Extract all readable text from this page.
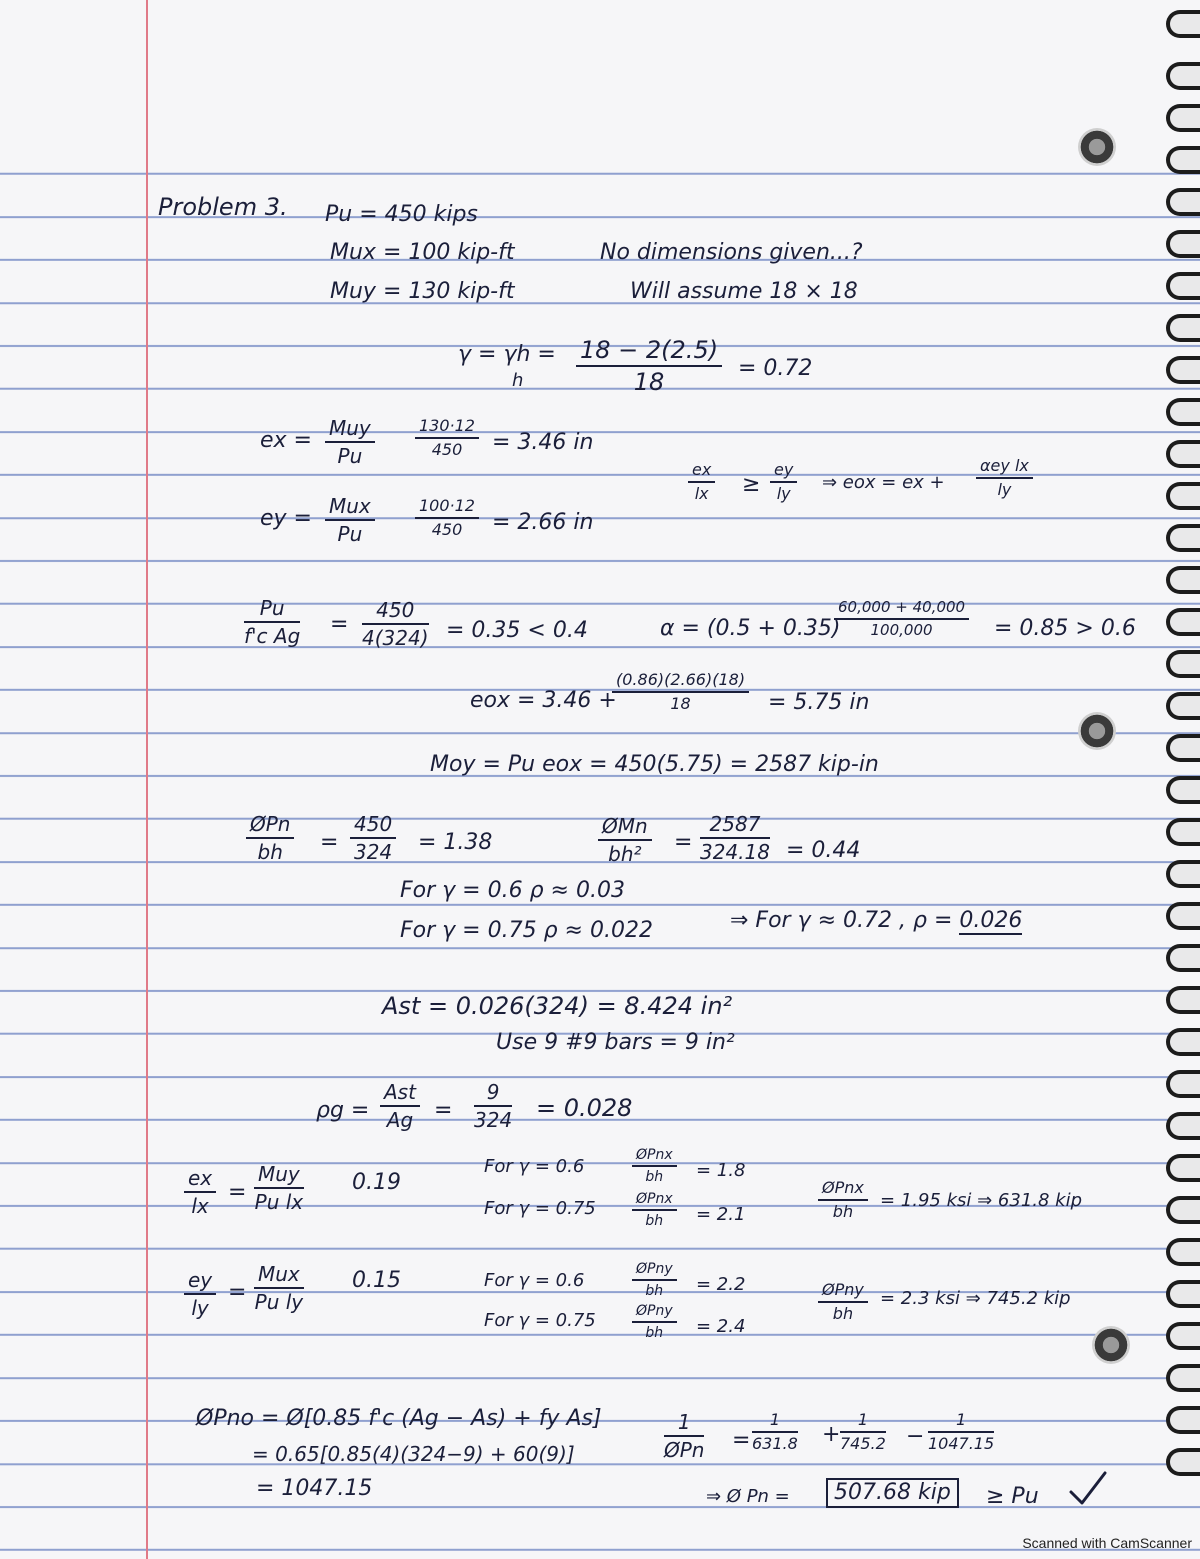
Problem 3. Pu = 450 kips
Mux = 100 kip-ft
Muy = 130 kip-ft
No dimensions given...?
Will assume 18 × 18
γ = γh =
h $\frac{18 - 2(2.5)}{18} = 0.72$
ex = Muy
Pu	$\frac{130\cdot 12}{450} = 3.46$ in
$\frac{ex}{lx} \ge \frac{ey}{ly}$ ⇒ eox = ex +
αey lx
ly
ey = Mux
Pu	$\frac{100\cdot 12}{450} = 2.66$ in
$\frac{Pu}{\text{f'c Ag}} = \frac{450}{4(324)} = 0.35 < 0.4$	α = (0.5 + 0.35)
$\frac{60,000 + 40,000}{100,000} = 0.85 > 0.6$
eox = 3.46 +
$\frac{(0.86)(2.66)(18)}{18} = 5.75$ in
Moy = Pu eox = 450(5.75) = 2587 kip-in
ØPn
bh	= $\frac{450}{324} = 1.38$
ØMn
bh²	= $\frac{2587}{324.18} = 0.44$
For γ = 0.6 ρ ≈ 0.03
For γ = 0.75 ρ ≈ 0.022	⇒ For γ ≈ 0.72 , ρ = 0.026
Ast = 0.026(324) = 8.424 in²
Use 9 #9 bars = 9 in²
ρg =
Ast
$Ag = \frac{9}{324} = 0.028$
$\frac{ex}{lx}$ =
Muy
Pu lx
0.19
For γ = 0.6
ØPnx
bh	= 1.8
For γ = 0.75	ØPnx
bh	= 2.1
ØPnx
bh
= 1.95 ksi ⇒ 631.8 kip
$\frac{ey}{ly}$ =
Mux
Pu ly
0.15	For γ = 0.6
ØPny
bh	= 2.2
For γ = 0.75	ØPny
bh	= 2.4
ØPny
bh
= 2.3 ksi ⇒ 745.2 kip
ØPno = Ø[0.85 f'c (Ag − As) + fy As]
= 0.65[0.85(4)(324−9) + 60(9)]
= 1047.15
1
ØPn = $\frac{1}{631.8} + \frac{1}{745.2} - \frac{1}{1047.15}$
⇒ Ø Pn =	507.68 kip	≥ Pu
Scanned with CamScanner
